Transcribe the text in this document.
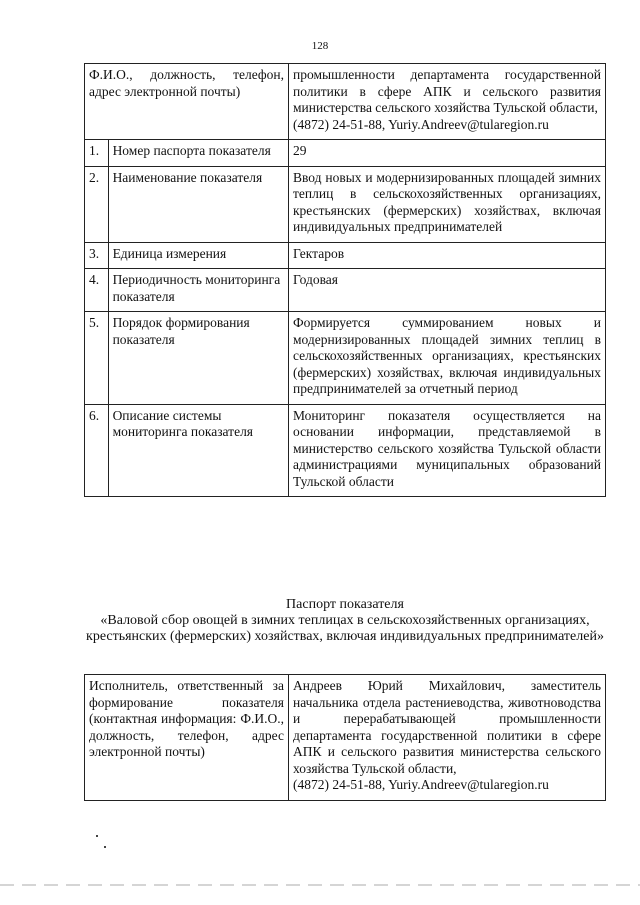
128
Ф.И.О., должность, телефон, адрес электронной почты)		промышленности департамента государственной политики в сфере АПК и сельского развития министерства сельского хозяйства Тульской области,
(4872) 24-51-88, Yuriy.Andreev@tularegion.ru

1.	Номер паспорта показателя	29
2.	Наименование показателя	Ввод новых и модернизированных площадей зимних теплиц в сельскохозяйственных организациях, крестьянских (фермерских) хозяйствах, включая индивидуальных предпринимателей
3.	Единица измерения	Гектаров
4.	Периодичность мониторинга показателя	Годовая
5.	Порядок формирования показателя	Формируется суммированием новых и модернизированных площадей зимних теплиц в сельскохозяйственных организациях, крестьянских (фермерских) хозяйствах, включая индивидуальных предпринимателей за отчетный период
6.	Описание системы мониторинга показателя	Мониторинг показателя осуществляется на основании информации, представляемой в министерство сельского хозяйства Тульской области администрациями муниципальных образований Тульской области
Паспорт показателя
«Валовой сбор овощей в зимних теплицах в сельскохозяйственных организациях, крестьянских (фермерских) хозяйствах, включая индивидуальных предпринимателей»
Исполнитель, ответственный за формирование показателя (контактная информация: Ф.И.О., должность, телефон, адрес электронной почты)	Андреев Юрий Михайлович, заместитель начальника отдела растениеводства, животноводства и перерабатывающей промышленности департамента государственной политики в сфере АПК и сельского развития министерства сельского хозяйства Тульской области,
(4872) 24-51-88, Yuriy.Andreev@tularegion.ru
